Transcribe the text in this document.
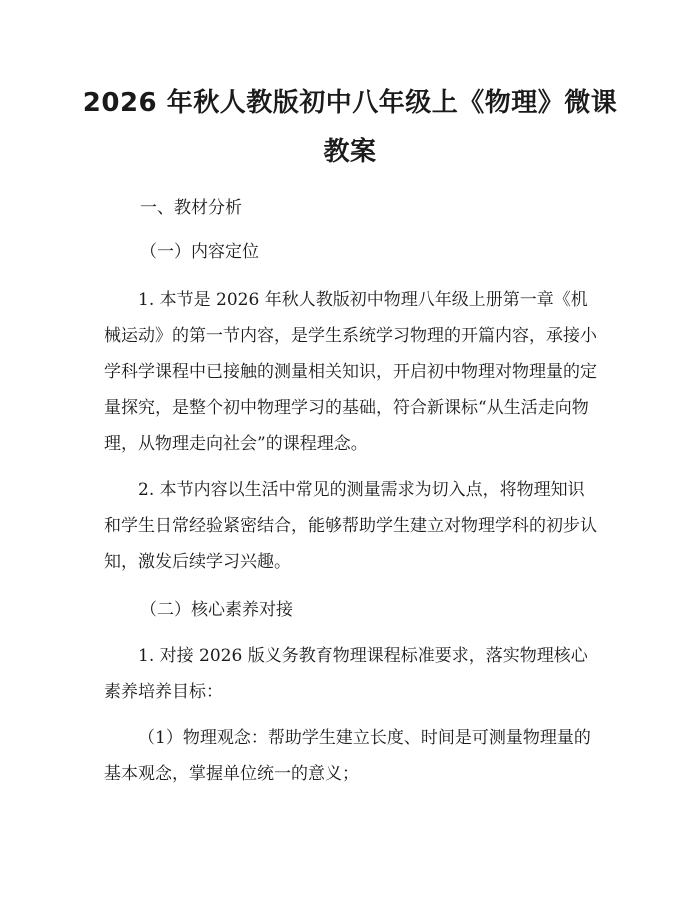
2026 年秋人教版初中八年级上《物理》微课
教案

一、教材分析

（一）内容定位

1. 本节是 2026 年秋人教版初中物理八年级上册第一章《机械运动》的第一节内容，是学生系统学习物理的开篇内容，承接小学科学课程中已接触的测量相关知识，开启初中物理对物理量的定量探究，是整个初中物理学习的基础，符合新课标“从生活走向物理，从物理走向社会”的课程理念。

2. 本节内容以生活中常见的测量需求为切入点，将物理知识和学生日常经验紧密结合，能够帮助学生建立对物理学科的初步认知，激发后续学习兴趣。

（二）核心素养对接

1. 对接 2026 版义务教育物理课程标准要求，落实物理核心素养培养目标：

（1）物理观念：帮助学生建立长度、时间是可测量物理量的基本观念，掌握单位统一的意义；
